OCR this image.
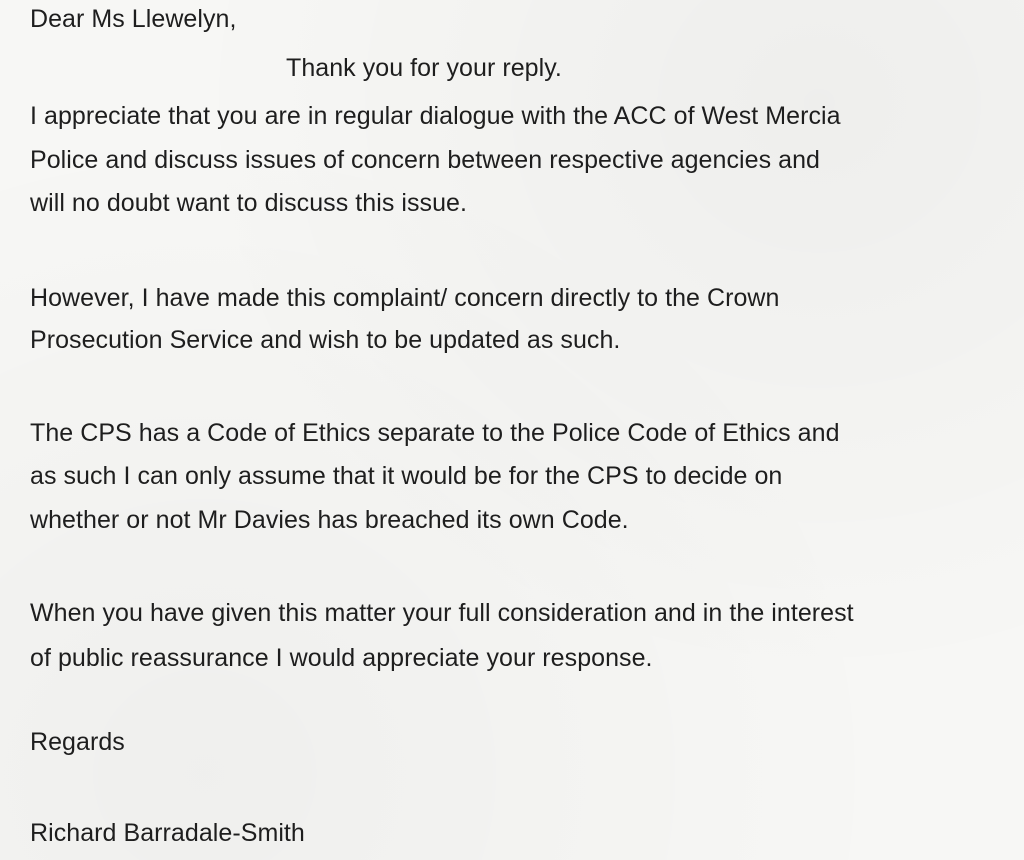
Dear Ms Llewelyn,
Thank you for your reply.
I appreciate that you are in regular dialogue with the ACC of West Mercia
Police and discuss issues of concern between respective agencies and
will no doubt want to discuss this issue.
However, I have made this complaint/ concern directly to the Crown
Prosecution Service and wish to be updated as such.
The CPS has a Code of Ethics separate to the Police Code of Ethics and
as such I can only assume that it would be for the CPS to decide on
whether or not Mr Davies has breached its own Code.
When you have given this matter your full consideration and in the interest
of public reassurance I would appreciate your response.
Regards
Richard Barradale-Smith
